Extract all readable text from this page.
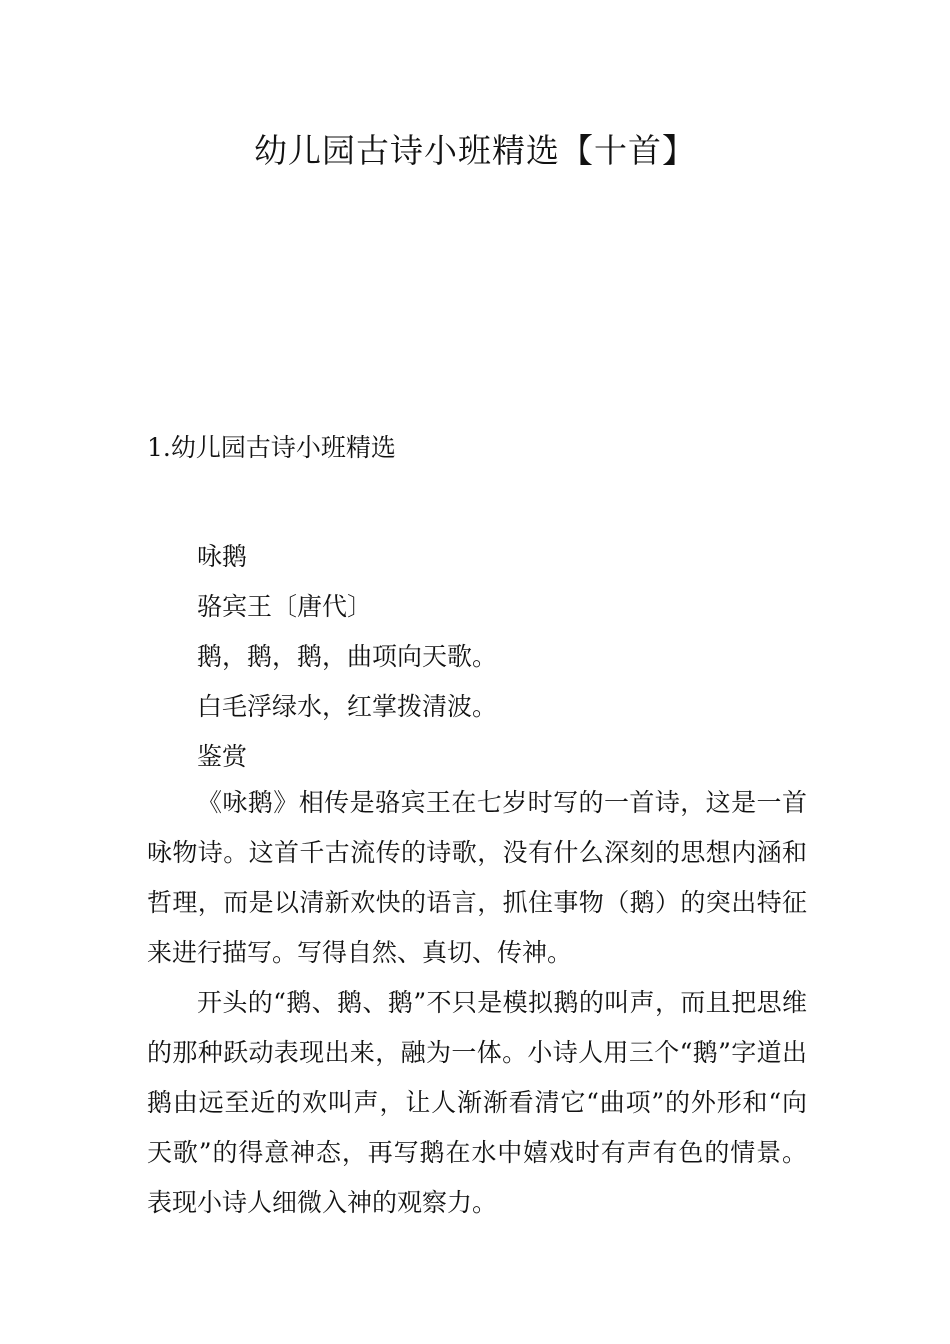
幼儿园古诗小班精选【十首】
1.幼儿园古诗小班精选

咏鹅

骆宾王〔唐代〕

鹅，鹅，鹅，曲项向天歌。

白毛浮绿水，红掌拨清波。

鉴赏

《咏鹅》相传是骆宾王在七岁时写的一首诗，这是一首咏物诗。这首千古流传的诗歌，没有什么深刻的思想内涵和哲理，而是以清新欢快的语言，抓住事物（鹅）的突出特征来进行描写。写得自然、真切、传神。

开头的“鹅、鹅、鹅”不只是模拟鹅的叫声，而且把思维的那种跃动表现出来，融为一体。小诗人用三个“鹅”字道出鹅由远至近的欢叫声，让人渐渐看清它“曲项”的外形和“向天歌”的得意神态，再写鹅在水中嬉戏时有声有色的情景。表现小诗人细微入神的观察力。
